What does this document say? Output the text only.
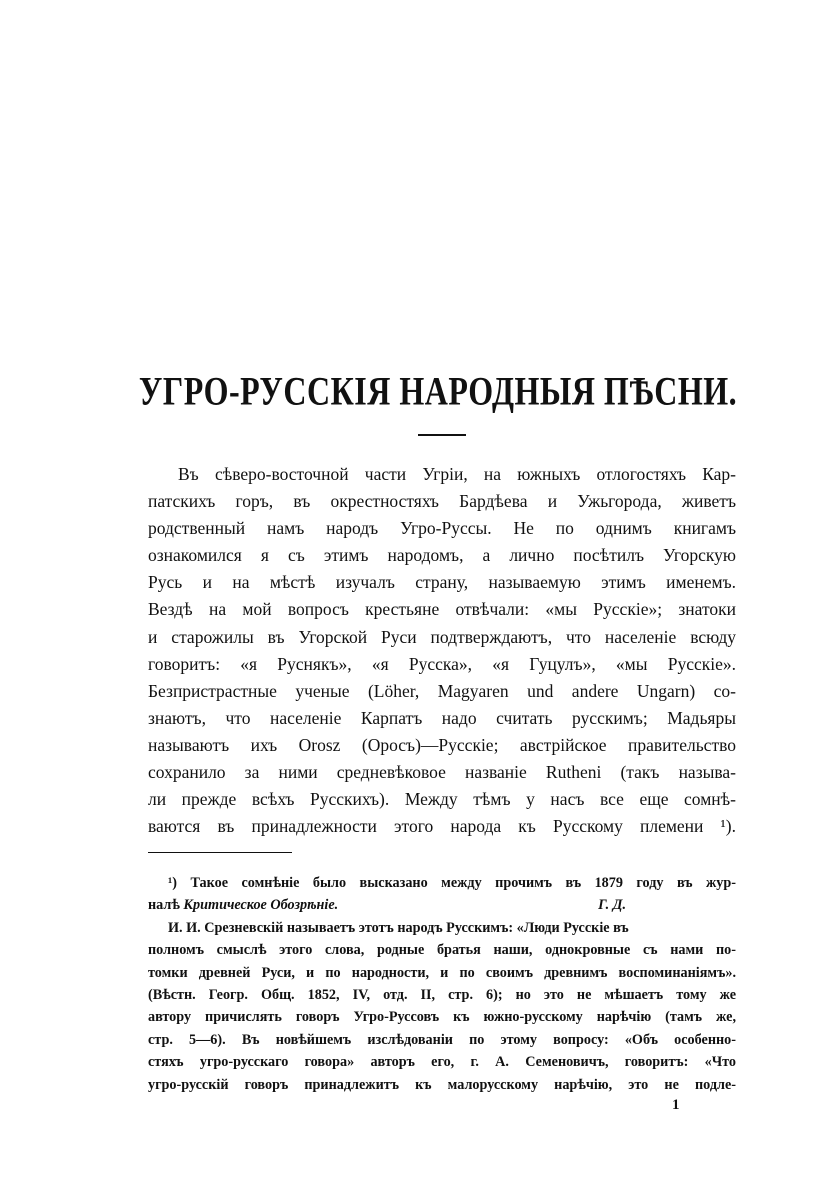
УГРО-РУССКІЯ НАРОДНЫЯ ПѢСНИ.
Въ сѣверо-восточной части Угріи, на южныхъ отлогостяхъ Кар-
патскихъ горъ, въ окрестностяхъ Бардѣева и Ужьгорода, живетъ
родственный намъ народъ Угро-Руссы. Не по однимъ книгамъ
ознакомился я съ этимъ народомъ, а лично посѣтилъ Угорскую
Русь и на мѣстѣ изучалъ страну, называемую этимъ именемъ.
Вездѣ на мой вопросъ крестьяне отвѣчали: «мы Русскіе»; знатоки
и старожилы въ Угорской Руси подтверждаютъ, что населеніе всюду
говоритъ: «я Руснякъ», «я Русска», «я Гуцулъ», «мы Русскіе».
Безпристрастные ученые (Löher, Magyaren und andere Ungarn) со-
знаютъ, что населеніе Карпатъ надо считать русскимъ; Мадьяры
называютъ ихъ Orosz (Оросъ)—Русскіе; австрійское правительство
сохранило за ними средневѣковое названіе Rutheni (такъ называ-
ли прежде всѣхъ Русскихъ). Между тѣмъ у насъ все еще сомнѣ-
ваются въ принадлежности этого народа къ Русскому племени ¹).
¹) Такое сомнѣніе было высказано между прочимъ въ 1879 году въ жур-
налѣ Критическое Обозрѣніе.	Г. Д.
И. И. Срезневскій называетъ этотъ народъ Русскимъ: «Люди Русскіе въ
полномъ смыслѣ этого слова, родные братья наши, однокровные съ нами по-
томки древней Руси, и по народности, и по своимъ древнимъ воспоминаніямъ».
(Вѣстн. Геогр. Общ. 1852, IV, отд. II, стр. 6); но это не мѣшаетъ тому же
автору причислять говоръ Угро-Руссовъ къ южно-русскому нарѣчію (тамъ же,
стр. 5—6). Въ новѣйшемъ изслѣдованіи по этому вопросу: «Объ особенно-
стяхъ угро-русскаго говора» авторъ его, г. А. Семеновичъ, говоритъ: «Что
угро-русскій говоръ принадлежитъ къ малорусскому нарѣчію, это не подле-
1
